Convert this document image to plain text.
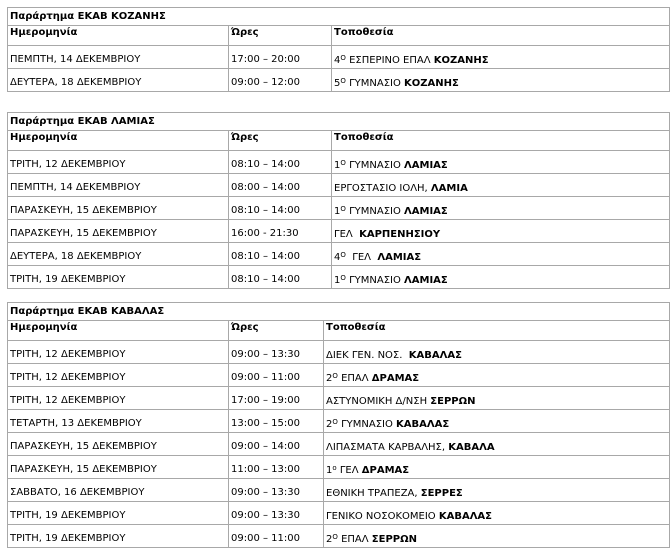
Παράρτημα ΕΚΑΒ ΚΟΖΑΝΗΣ		
Ημερομηνία	Ώρες	Τοποθεσία
ΠΕΜΠΤΗ, 14 ΔΕΚΕΜΒΡΙΟΥ	17:00 – 20:00	$4^O$ ΕΣΠΕΡΙΝΟ ΕΠΑΛ ΚΟΖΑΝΗΣ
ΔΕΥΤΕΡΑ, 18 ΔΕΚΕΜΒΡΙΟΥ	09:00 – 12:00	$5^O$ ΓΥΜΝΑΣΙΟ ΚΟΖΑΝΗΣ
Παράρτημα ΕΚΑΒ ΛΑΜΙΑΣ		
Ημερομηνία	Ώρες	Τοποθεσία
ΤΡΙΤΗ, 12 ΔΕΚΕΜΒΡΙΟΥ	08:10 – 14:00	$1^O$ ΓΥΜΝΑΣΙΟ ΛΑΜΙΑΣ
ΠΕΜΠΤΗ, 14 ΔΕΚΕΜΒΡΙΟΥ	08:00 – 14:00	ΕΡΓΟΣΤΑΣΙΟ ΙΟΛΗ, ΛΑΜΙΑ
ΠΑΡΑΣΚΕΥΗ, 15 ΔΕΚΕΜΒΡΙΟΥ	08:10 – 14:00	$1^O$ ΓΥΜΝΑΣΙΟ ΛΑΜΙΑΣ
ΠΑΡΑΣΚΕΥΗ, 15 ΔΕΚΕΜΒΡΙΟΥ	16:00 - 21:30	ΓΕΛ  ΚΑΡΠΕΝΗΣΙΟΥ
ΔΕΥΤΕΡΑ, 18 ΔΕΚΕΜΒΡΙΟΥ	08:10 – 14:00	$4^O$  ΓΕΛ  ΛΑΜΙΑΣ
ΤΡΙΤΗ, 19 ΔΕΚΕΜΒΡΙΟΥ	08:10 – 14:00	$1^O$ ΓΥΜΝΑΣΙΟ ΛΑΜΙΑΣ
Παράρτημα ΕΚΑΒ ΚΑΒΑΛΑΣ		
Ημερομηνία	Ώρες	Τοποθεσία
ΤΡΙΤΗ, 12 ΔΕΚΕΜΒΡΙΟΥ	09:00 – 13:30	ΔΙΕΚ ΓΕΝ. ΝΟΣ.  ΚΑΒΑΛΑΣ
ΤΡΙΤΗ, 12 ΔΕΚΕΜΒΡΙΟΥ	09:00 – 11:00	$2^O$ ΕΠΑΛ ΔΡΑΜΑΣ
ΤΡΙΤΗ, 12 ΔΕΚΕΜΒΡΙΟΥ	17:00 – 19:00	ΑΣΤΥΝΟΜΙΚΗ Δ/ΝΣΗ ΣΕΡΡΩΝ
ΤΕΤΑΡΤΗ, 13 ΔΕΚΕΜΒΡΙΟΥ	13:00 – 15:00	$2^O$ ΓΥΜΝΑΣΙΟ ΚΑΒΑΛΑΣ
ΠΑΡΑΣΚΕΥΗ, 15 ΔΕΚΕΜΒΡΙΟΥ	09:00 – 14:00	ΛΙΠΑΣΜΑΤΑ ΚΑΡΒΑΛΗΣ, ΚΑΒΑΛΑ
ΠΑΡΑΣΚΕΥΗ, 15 ΔΕΚΕΜΒΡΙΟΥ	11:00 – 13:00	$1^o$ ΓΕΛ ΔΡΑΜΑΣ
ΣΑΒΒΑΤΟ, 16 ΔΕΚΕΜΒΡΙΟΥ	09:00 – 13:30	ΕΘΝΙΚΗ ΤΡΑΠΕΖΑ, ΣΕΡΡΕΣ
ΤΡΙΤΗ, 19 ΔΕΚΕΜΒΡΙΟΥ	09:00 – 13:30	ΓΕΝΙΚΟ ΝΟΣΟΚΟΜΕΙΟ ΚΑΒΑΛΑΣ
ΤΡΙΤΗ, 19 ΔΕΚΕΜΒΡΙΟΥ	09:00 – 11:00	$2^O$ ΕΠΑΛ ΣΕΡΡΩΝ
